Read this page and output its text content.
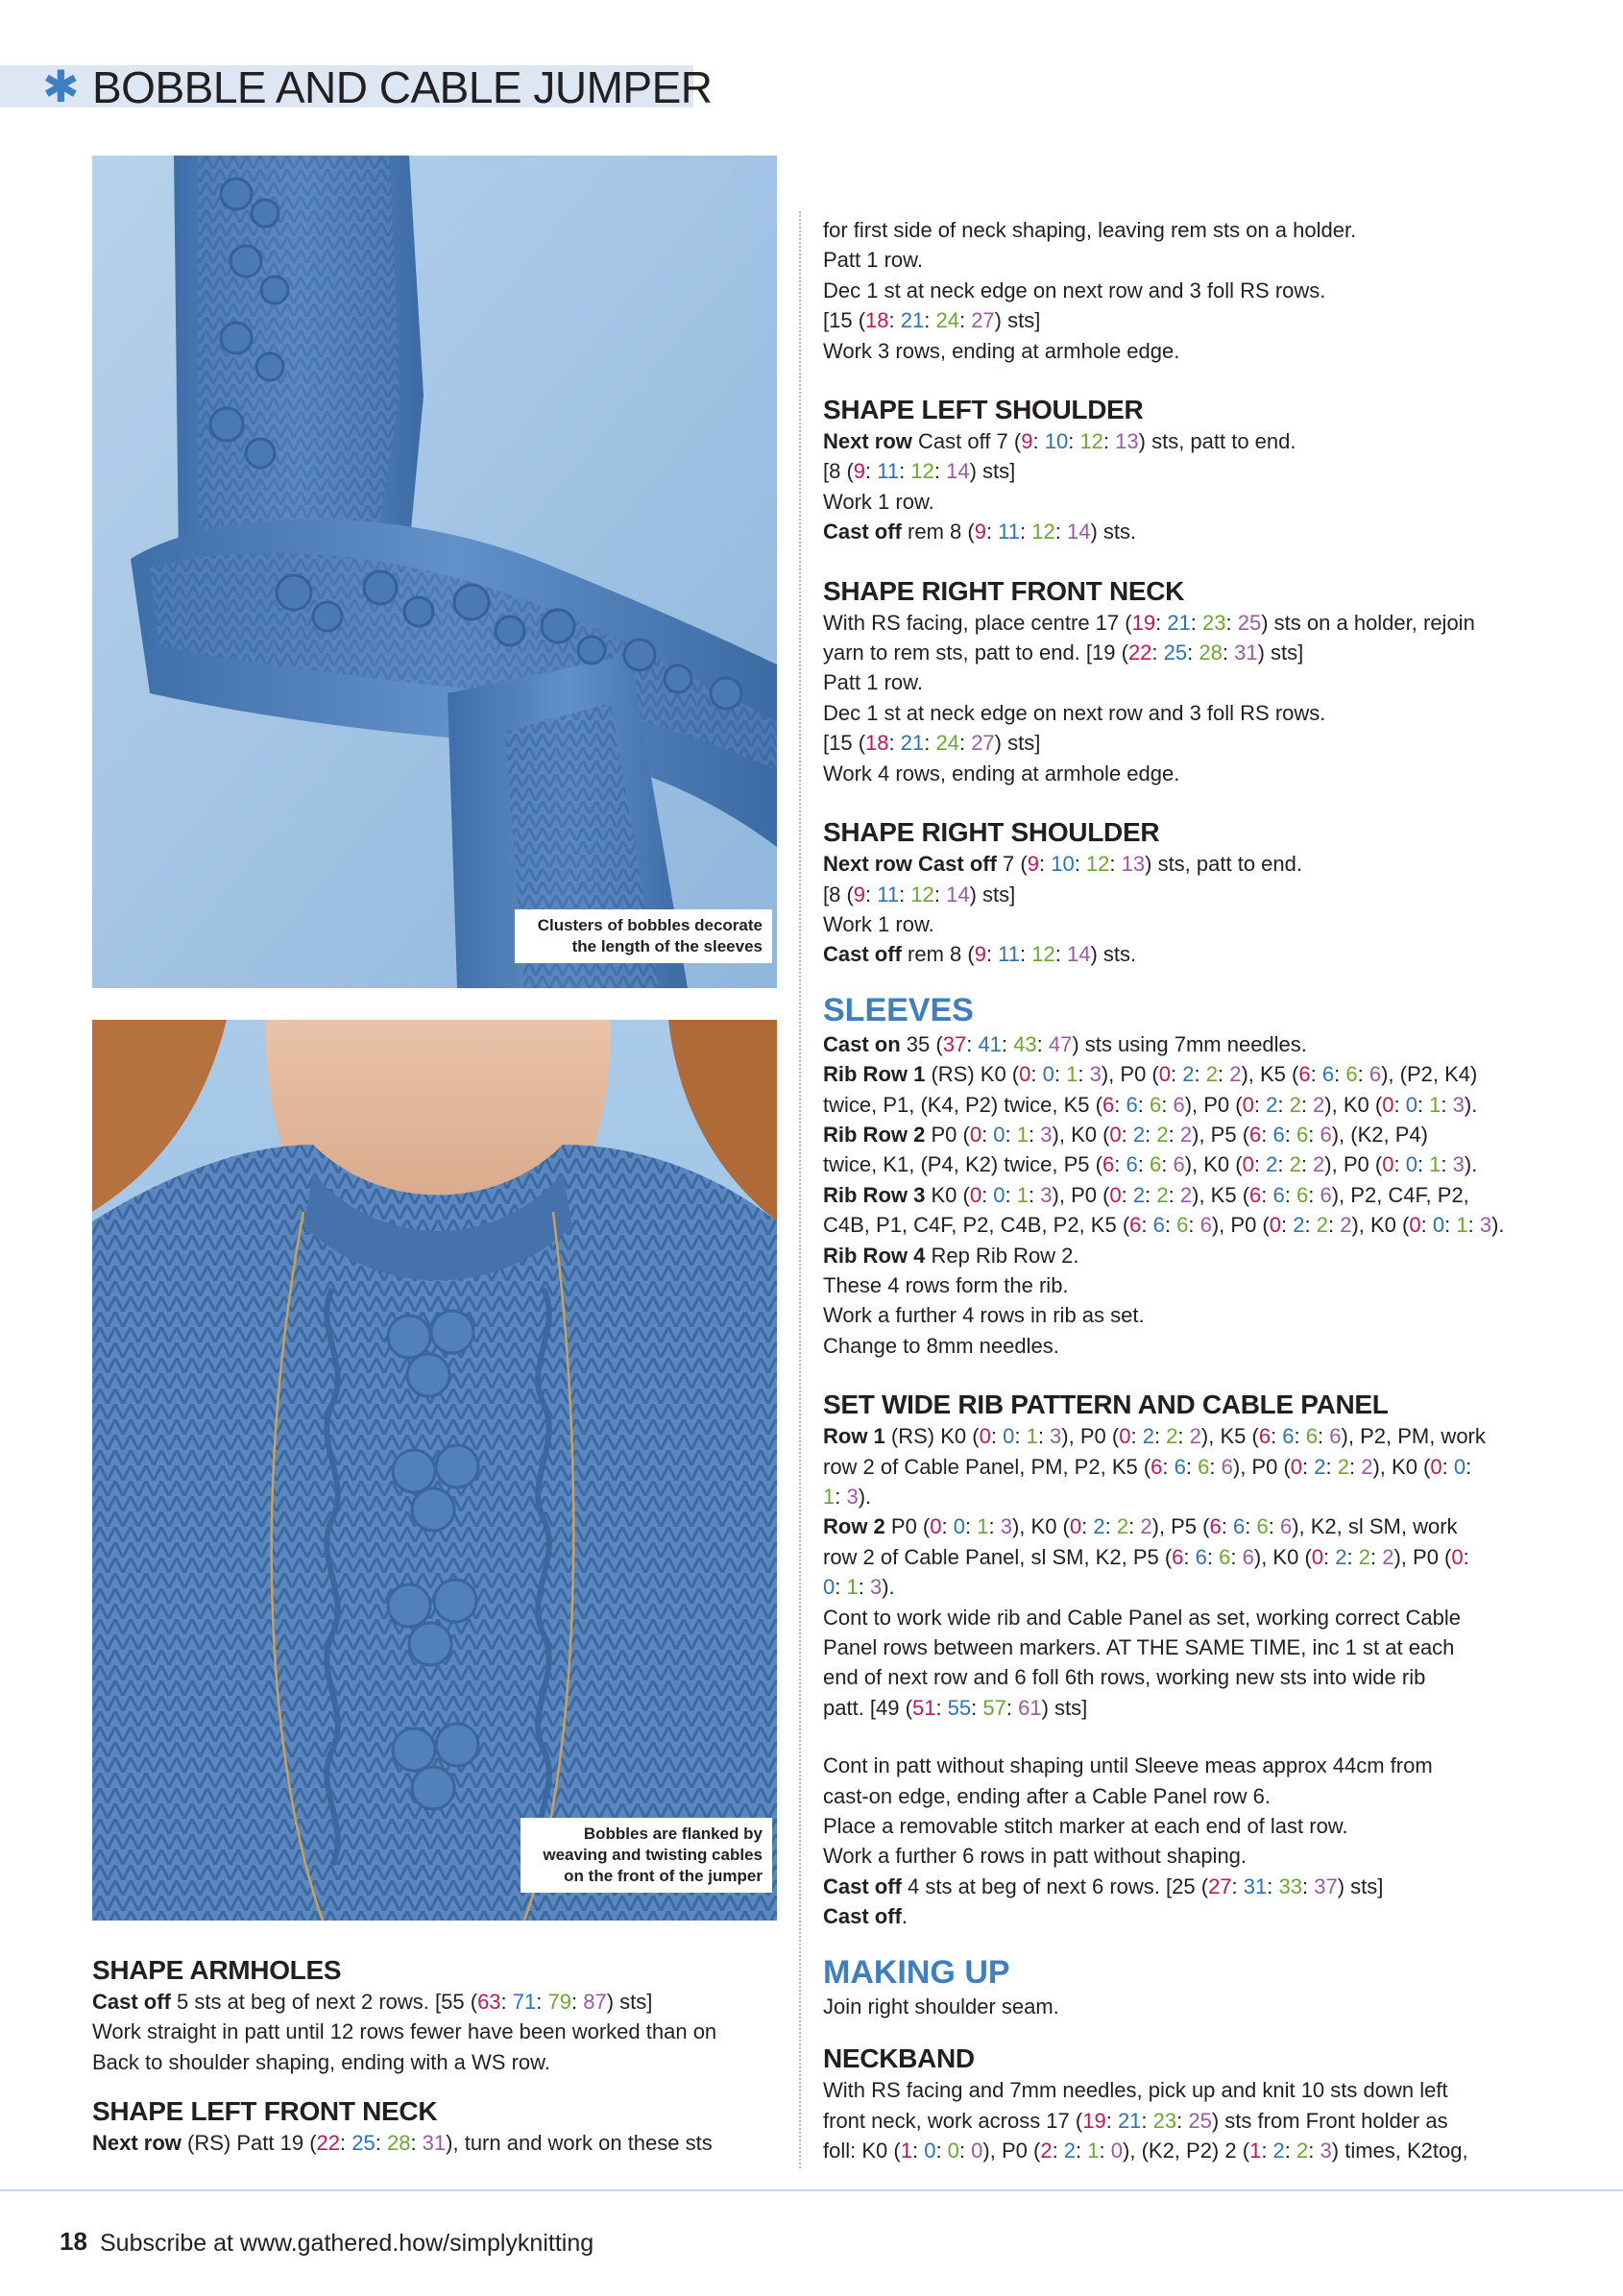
✱ BOBBLE AND CABLE JUMPER
Clusters of bobbles decorate
the length of the sleeves
Bobbles are flanked by
weaving and twisting cables
on the front of the jumper
SHAPE ARMHOLES

Cast off 5 sts at beg of next 2 rows. [55 (63: 71: 79: 87) sts]

Work straight in patt until 12 rows fewer have been worked than on

Back to shoulder shaping, ending with a WS row.

SHAPE LEFT FRONT NECK

Next row (RS) Patt 19 (22: 25: 28: 31), turn and work on these sts

for first side of neck shaping, leaving rem sts on a holder.

Patt 1 row.

Dec 1 st at neck edge on next row and 3 foll RS rows.

[15 (18: 21: 24: 27) sts]

Work 3 rows, ending at armhole edge.

SHAPE LEFT SHOULDER

Next row Cast off 7 (9: 10: 12: 13) sts, patt to end.

[8 (9: 11: 12: 14) sts]

Work 1 row.

Cast off rem 8 (9: 11: 12: 14) sts.

SHAPE RIGHT FRONT NECK

With RS facing, place centre 17 (19: 21: 23: 25) sts on a holder, rejoin

yarn to rem sts, patt to end. [19 (22: 25: 28: 31) sts]

Patt 1 row.

Dec 1 st at neck edge on next row and 3 foll RS rows.

[15 (18: 21: 24: 27) sts]

Work 4 rows, ending at armhole edge.

SHAPE RIGHT SHOULDER

Next row Cast off 7 (9: 10: 12: 13) sts, patt to end.

[8 (9: 11: 12: 14) sts]

Work 1 row.

Cast off rem 8 (9: 11: 12: 14) sts.

SLEEVES

Cast on 35 (37: 41: 43: 47) sts using 7mm needles.

Rib Row 1 (RS) K0 (0: 0: 1: 3), P0 (0: 2: 2: 2), K5 (6: 6: 6: 6), (P2, K4)

twice, P1, (K4, P2) twice, K5 (6: 6: 6: 6), P0 (0: 2: 2: 2), K0 (0: 0: 1: 3).

Rib Row 2 P0 (0: 0: 1: 3), K0 (0: 2: 2: 2), P5 (6: 6: 6: 6), (K2, P4)

twice, K1, (P4, K2) twice, P5 (6: 6: 6: 6), K0 (0: 2: 2: 2), P0 (0: 0: 1: 3).

Rib Row 3 K0 (0: 0: 1: 3), P0 (0: 2: 2: 2), K5 (6: 6: 6: 6), P2, C4F, P2,

C4B, P1, C4F, P2, C4B, P2, K5 (6: 6: 6: 6), P0 (0: 2: 2: 2), K0 (0: 0: 1: 3).

Rib Row 4 Rep Rib Row 2.

These 4 rows form the rib.

Work a further 4 rows in rib as set.

Change to 8mm needles.

SET WIDE RIB PATTERN AND CABLE PANEL

Row 1 (RS) K0 (0: 0: 1: 3), P0 (0: 2: 2: 2), K5 (6: 6: 6: 6), P2, PM, work

row 2 of Cable Panel, PM, P2, K5 (6: 6: 6: 6), P0 (0: 2: 2: 2), K0 (0: 0:

1: 3).

Row 2 P0 (0: 0: 1: 3), K0 (0: 2: 2: 2), P5 (6: 6: 6: 6), K2, sl SM, work

row 2 of Cable Panel, sl SM, K2, P5 (6: 6: 6: 6), K0 (0: 2: 2: 2), P0 (0:

0: 1: 3).

Cont to work wide rib and Cable Panel as set, working correct Cable

Panel rows between markers. AT THE SAME TIME, inc 1 st at each

end of next row and 6 foll 6th rows, working new sts into wide rib

patt. [49 (51: 55: 57: 61) sts]

Cont in patt without shaping until Sleeve meas approx 44cm from

cast-on edge, ending after a Cable Panel row 6.

Place a removable stitch marker at each end of last row.

Work a further 6 rows in patt without shaping.

Cast off 4 sts at beg of next 6 rows. [25 (27: 31: 33: 37) sts]

Cast off.

MAKING UP

Join right shoulder seam.

NECKBAND

With RS facing and 7mm needles, pick up and knit 10 sts down left

front neck, work across 17 (19: 21: 23: 25) sts from Front holder as

foll: K0 (1: 0: 0: 0), P0 (2: 2: 1: 0), (K2, P2) 2 (1: 2: 2: 3) times, K2tog,

18 Subscribe at www.gathered.how/simplyknitting
